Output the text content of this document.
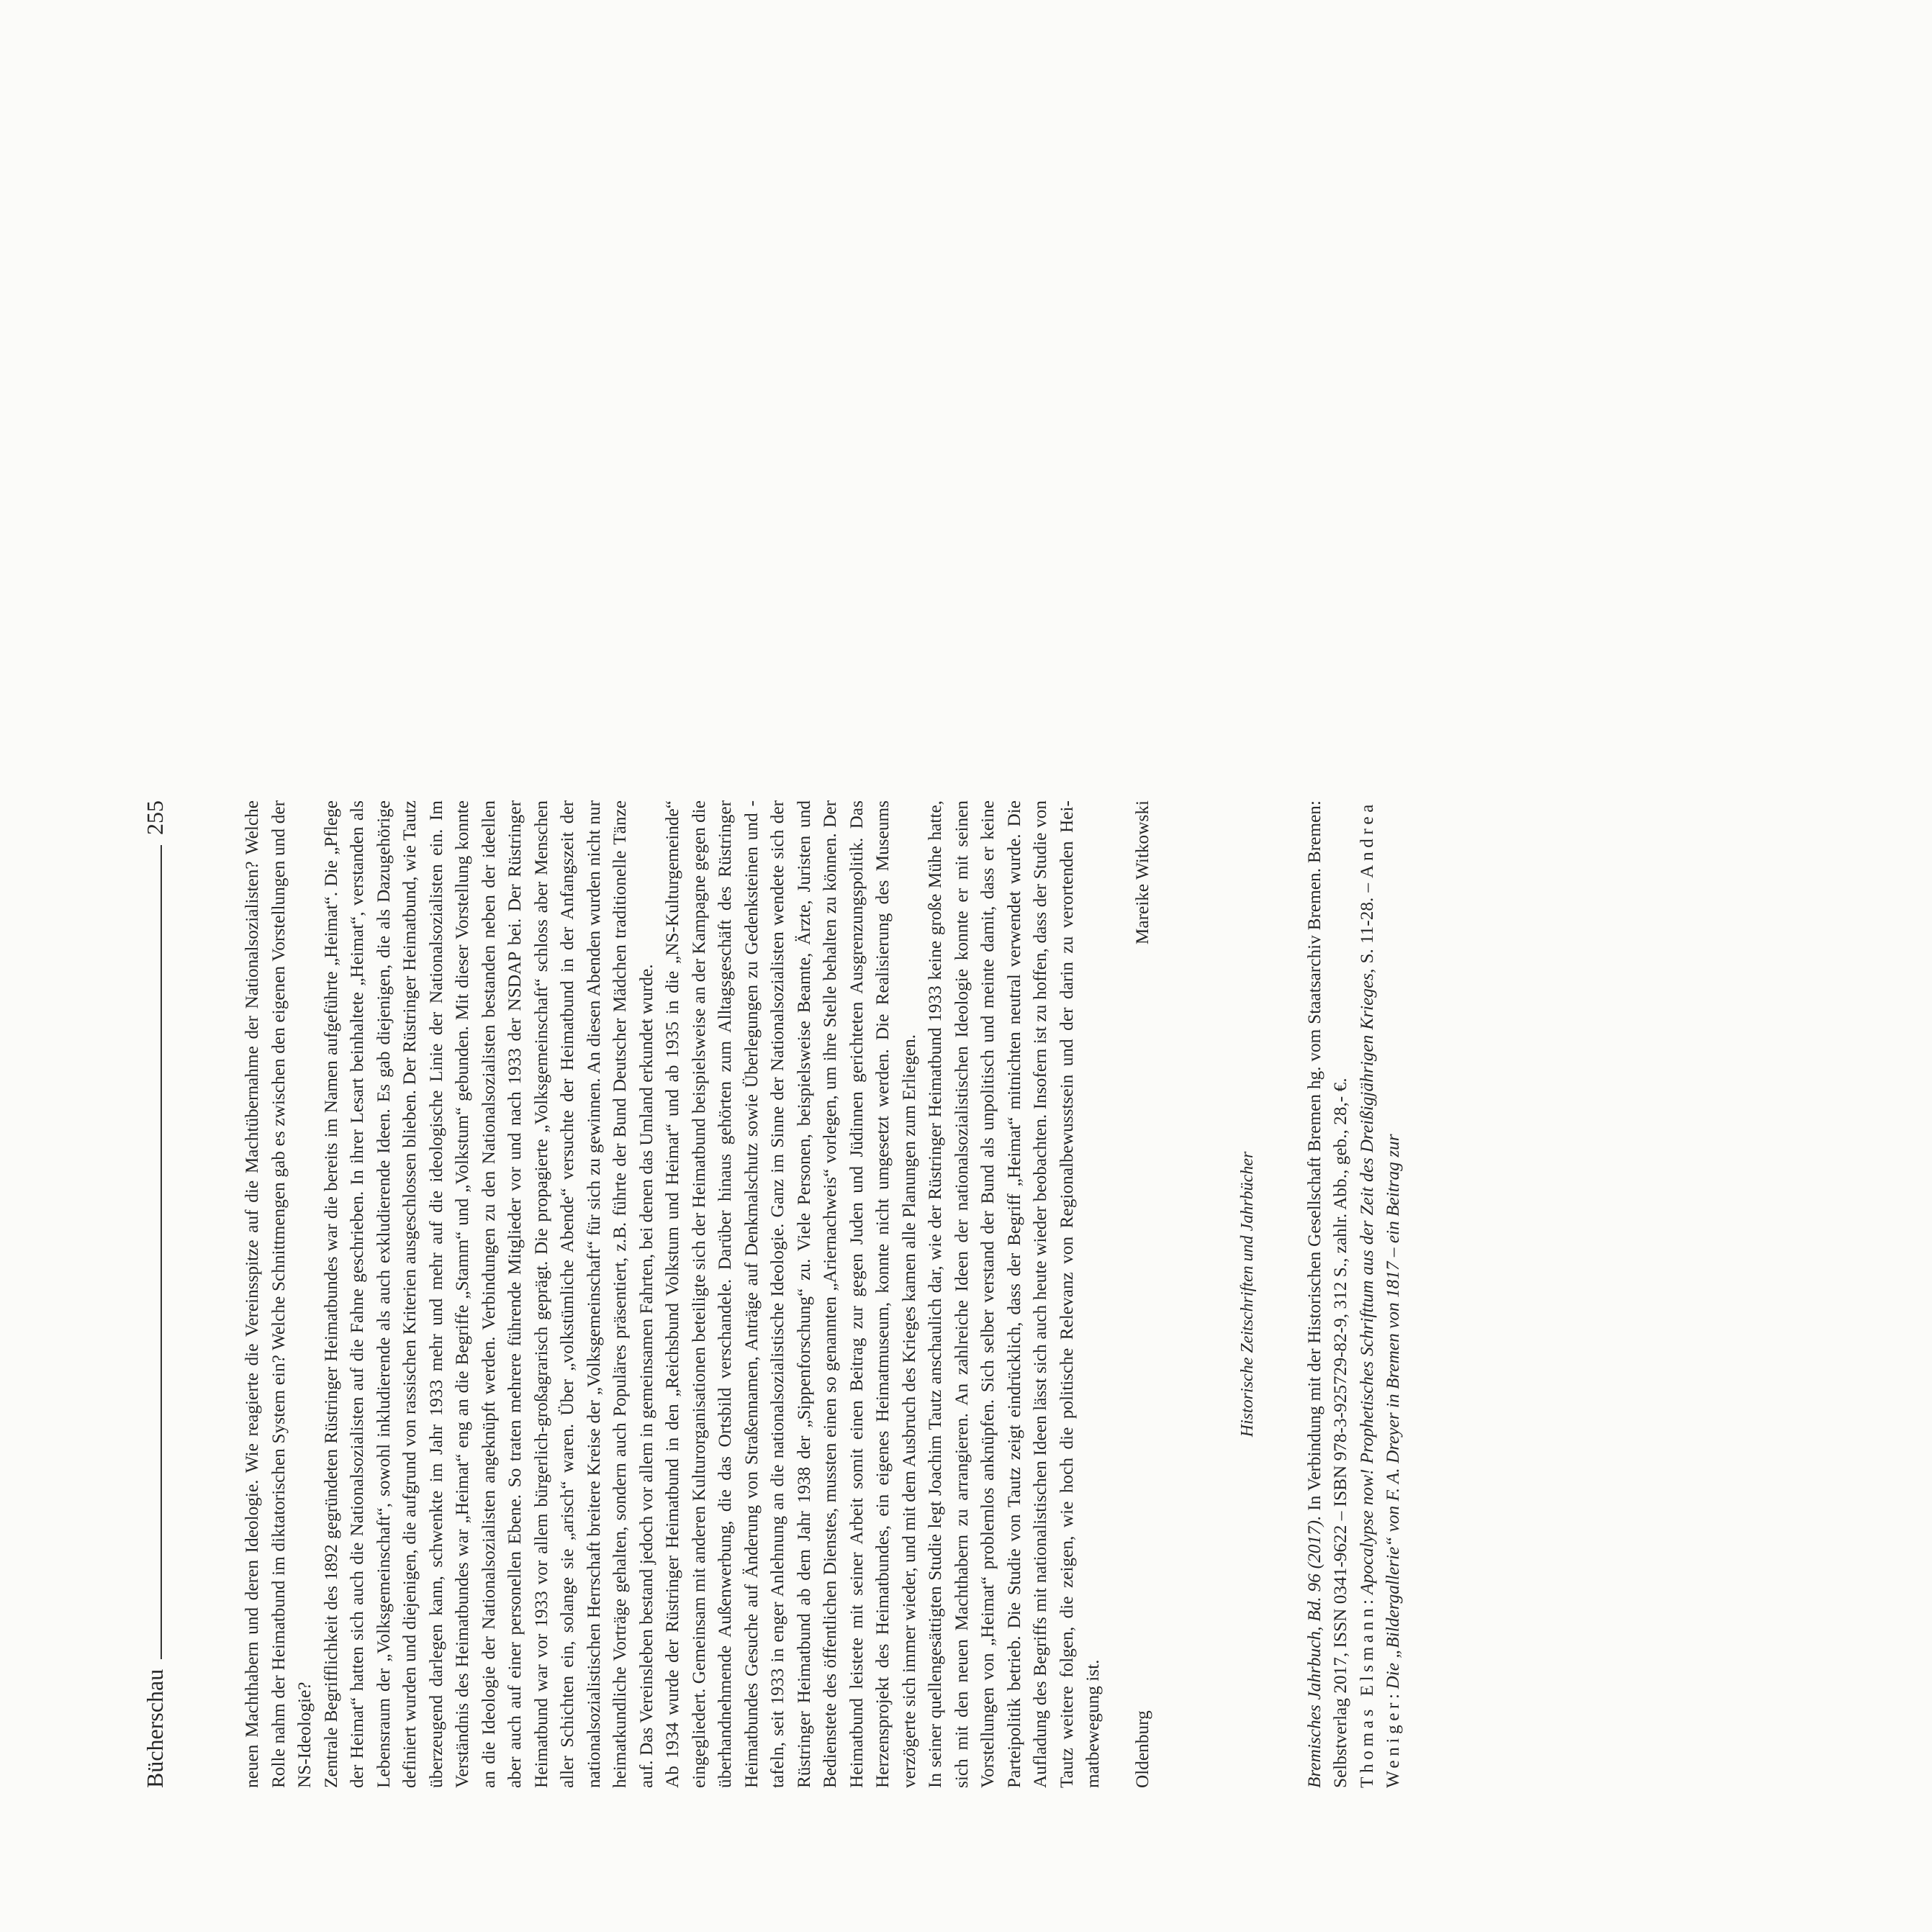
Bücherschau
255	neuen Machthabern und deren Ideologie. Wie reagierte die Vereinsspitze auf die Machtübernahme der Nationalsozialisten? Welche Rolle nahm der Heimatbund im diktatorischen System ein? Welche Schnittmengen gab es zwischen den eigenen Vorstellungen und der NS-Ideologie? Zentrale Begrifflichkeit des 1892 gegründeten Rüstringer Heimatbundes war die bereits im Namen aufgeführte „Heimat“. Die „Pflege der Heimat“ hatten sich auch die Nationalsozialisten auf die Fahne geschrieben. In ihrer Lesart beinhaltete „Heimat“, verstanden als Lebensraum der „Volksgemeinschaft“, sowohl inkludierende als auch exkludierende Ideen. Es gab diejenigen, die als Dazugehörige definiert wurden und diejenigen, die aufgrund von rassischen Kriterien ausgeschlossen blieben. Der Rüstringer Heimatbund, wie Tautz überzeugend darlegen kann, schwenkte im Jahr 1933 mehr und mehr auf die ideologische Linie der Nationalsozialisten ein. Im Verständnis des Heimatbundes war „Heimat“ eng an die Begriffe „Stamm“ und „Volkstum“ gebunden. Mit dieser Vorstellung konnte an die Ideologie der Nationalsozialisten angeknüpft werden. Verbindungen zu den Nationalsozialisten bestanden neben der ideellen aber auch auf einer personellen Ebene. So traten mehrere führende Mitglieder vor und nach 1933 der NSDAP bei. Der Rüstringer Heimatbund war vor 1933 vor allem bürgerlich-großagrarisch geprägt. Die propagierte „Volksgemeinschaft“ schloss aber Menschen aller Schichten ein, solange sie „arisch“ waren. Über „volkstümliche Abende“ versuchte der Heimatbund in der Anfangszeit der nationalsozialistischen Herrschaft breitere Kreise der „Volksgemeinschaft“ für sich zu gewinnen. An diesen Abenden wurden nicht nur heimatkundliche Vorträge gehalten, sondern auch Populäres präsentiert, z.B. führte der Bund Deutscher Mädchen traditionelle Tänze auf. Das Vereinsleben bestand jedoch vor allem in gemeinsamen Fahrten, bei denen das Umland erkundet wurde. Ab 1934 wurde der Rüstringer Heimatbund in den „Reichsbund Volkstum und Heimat“ und ab 1935 in die „NS-Kulturgemeinde“ eingegliedert. Gemeinsam mit anderen Kulturorganisationen beteiligte sich der Heimatbund beispielsweise an der Kampagne gegen die überhandnehmende Außenwerbung, die das Ortsbild verschandele. Darüber hinaus gehörten zum Alltagsgeschäft des Rüstringer Heimatbundes Gesuche auf Änderung von Straßennamen, Anträge auf Denkmalschutz sowie Überlegungen zu Gedenksteinen und -tafeln, seit 1933 in enger Anlehnung an die nationalsozialistische Ideologie. Ganz im Sinne der Nationalsozialisten wendete sich der Rüstringer Heimatbund ab dem Jahr 1938 der „Sippenforschung“ zu. Viele Personen, beispielsweise Beamte, Ärzte, Juristen und Bedienstete des öffentlichen Dienstes, mussten einen so genannten „Ariernachweis“ vorlegen, um ihre Stelle behalten zu können. Der Heimatbund leistete mit seiner Arbeit somit einen Beitrag zur gegen Juden und Jüdinnen gerichteten Ausgrenzungspolitik. Das Herzensprojekt des Heimatbundes, ein eigenes Heimatmuseum, konnte nicht umgesetzt werden. Die Realisierung des Museums verzögerte sich immer wieder, und mit dem Ausbruch des Krieges kamen alle Planungen zum Erliegen. In seiner quellengesättigten Studie legt Joachim Tautz anschaulich dar, wie der Rüstringer Heimatbund 1933 keine große Mühe hatte, sich mit den neuen Machthabern zu arrangieren. An zahlreiche Ideen der nationalsozialistischen Ideologie konnte er mit seinen Vorstellungen von „Heimat“ problemlos anknüpfen. Sich selber verstand der Bund als unpolitisch und meinte damit, dass er keine Parteipolitik betrieb. Die Studie von Tautz zeigt eindrücklich, dass der Begriff „Heimat“ mitnichten neutral verwendet wurde. Die Aufladung des Begriffs mit nationalistischen Ideen lässt sich auch heute wieder beobachten. Insofern ist zu hoffen, dass der Studie von Tautz weitere folgen, die zeigen, wie hoch die politische Relevanz von Regionalbewusstsein und der darin zu verortenden Heimatbewegung ist. Oldenburg
Mareike Witkowski
Historische Zeitschriften und Jahrbücher

Bremisches Jahrbuch, Bd. 96 (2017). In Verbindung mit der Historischen Gesellschaft Bremen hg. vom Staatsarchiv Bremen. Bremen: Selbstverlag 2017, ISSN 0341-9622 – ISBN 978-3-925729-82-9, 312 S., zahlr. Abb., geb., 28,- €. Thomas Elsmann: Apocalypse now! Prophetisches Schrifttum aus der Zeit des Dreißigjährigen Krieges, S. 11-28. – Andrea Weniger: Die „Bildergallerie“ von F. A. Dreyer in Bremen von 1817 – ein Beitrag zur
